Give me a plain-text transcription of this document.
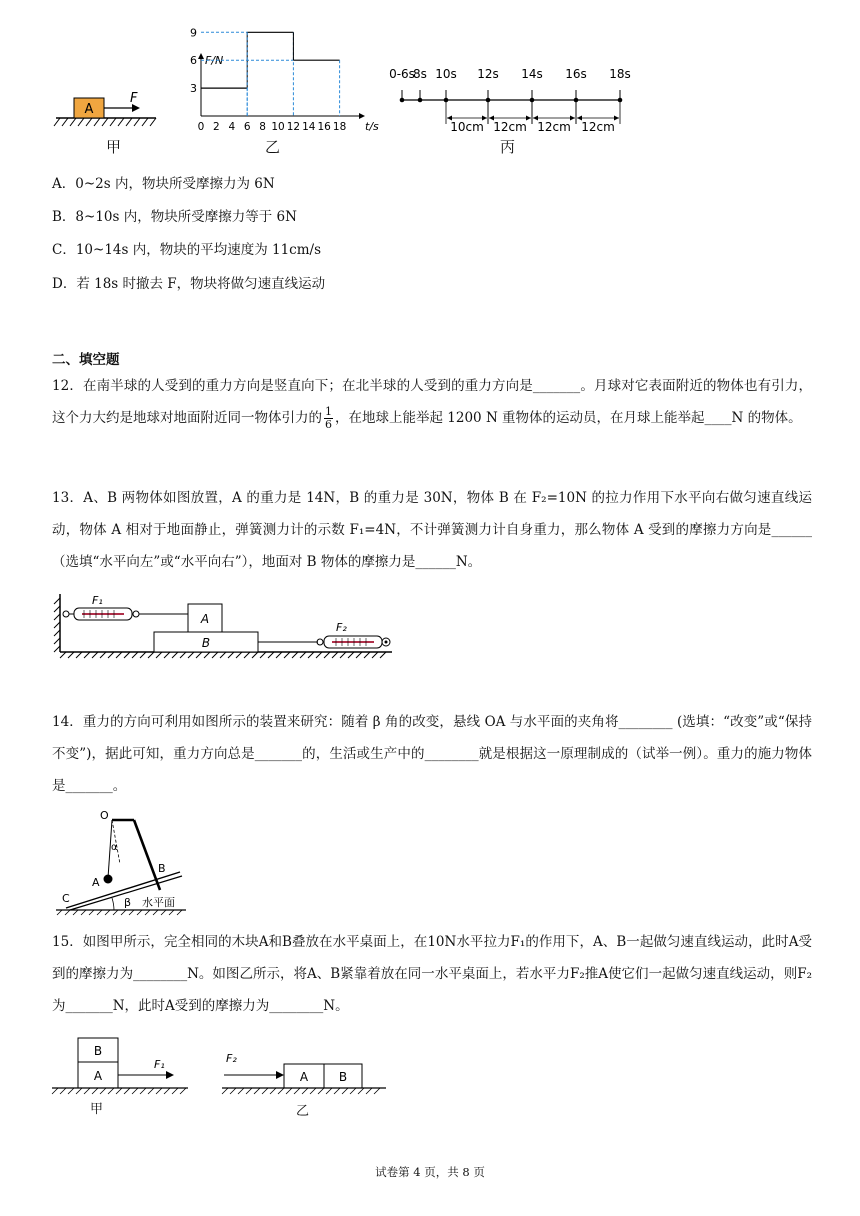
A
F
甲
F/N
t/s
3
6
9
0 2 4 6 8 10 12 14 16 18
乙
0-6s
8s 10s 12s 14s 16s 18s
10cm 12cm 12cm 12cm
丙
A．0~2s 内，物块所受摩擦力为 6N
B．8~10s 内，物块所受摩擦力等于 6N
C．10~14s 内，物块的平均速度为 11cm/s
D．若 18s 时撤去 F，物块将做匀速直线运动
二、填空题
12．在南半球的人受到的重力方向是竖直向下；在北半球的人受到的重力方向是_______。月球对它表面附近的物体也有引力，这个力大约是地球对地面附近同一物体引力的 $\frac{1}{6}$ ，在地球上能举起 1200 N 重物体的运动员，在月球上能举起____N 的物体。
13．A、B 两物体如图放置，A 的重力是 14N，B 的重力是 30N，物体 B 在 F₂=10N 的拉力作用下水平向右做匀速直线运动，物体 A 相对于地面静止，弹簧测力计的示数 F₁=4N，不计弹簧测力计自身重力，那么物体 A 受到的摩擦力方向是______（选填“水平向左”或“水平向右”），地面对 B 物体的摩擦力是______N。
F₁
A
B
F₂
14．重力的方向可利用如图所示的装置来研究：随着 β 角的改变，悬线 OA 与水平面的夹角将________ (选填：“改变”或“保持不变”)，据此可知，重力方向总是_______的，生活或生产中的________就是根据这一原理制成的（试举一例）。重力的施力物体是_______。
O
α
A
B
C	β 水平面
15．如图甲所示，完全相同的木块A和B叠放在水平桌面上，在10N水平拉力F₁的作用下，A、B一起做匀速直线运动，此时A受到的摩擦力为________N。如图乙所示，将A、B紧靠着放在同一水平桌面上，若水平力F₂推A使它们一起做匀速直线运动，则F₂为_______N，此时A受到的摩擦力为________N。
B
A
F₁
甲
F₂
A	B
乙
试卷第 4 页，共 8 页
